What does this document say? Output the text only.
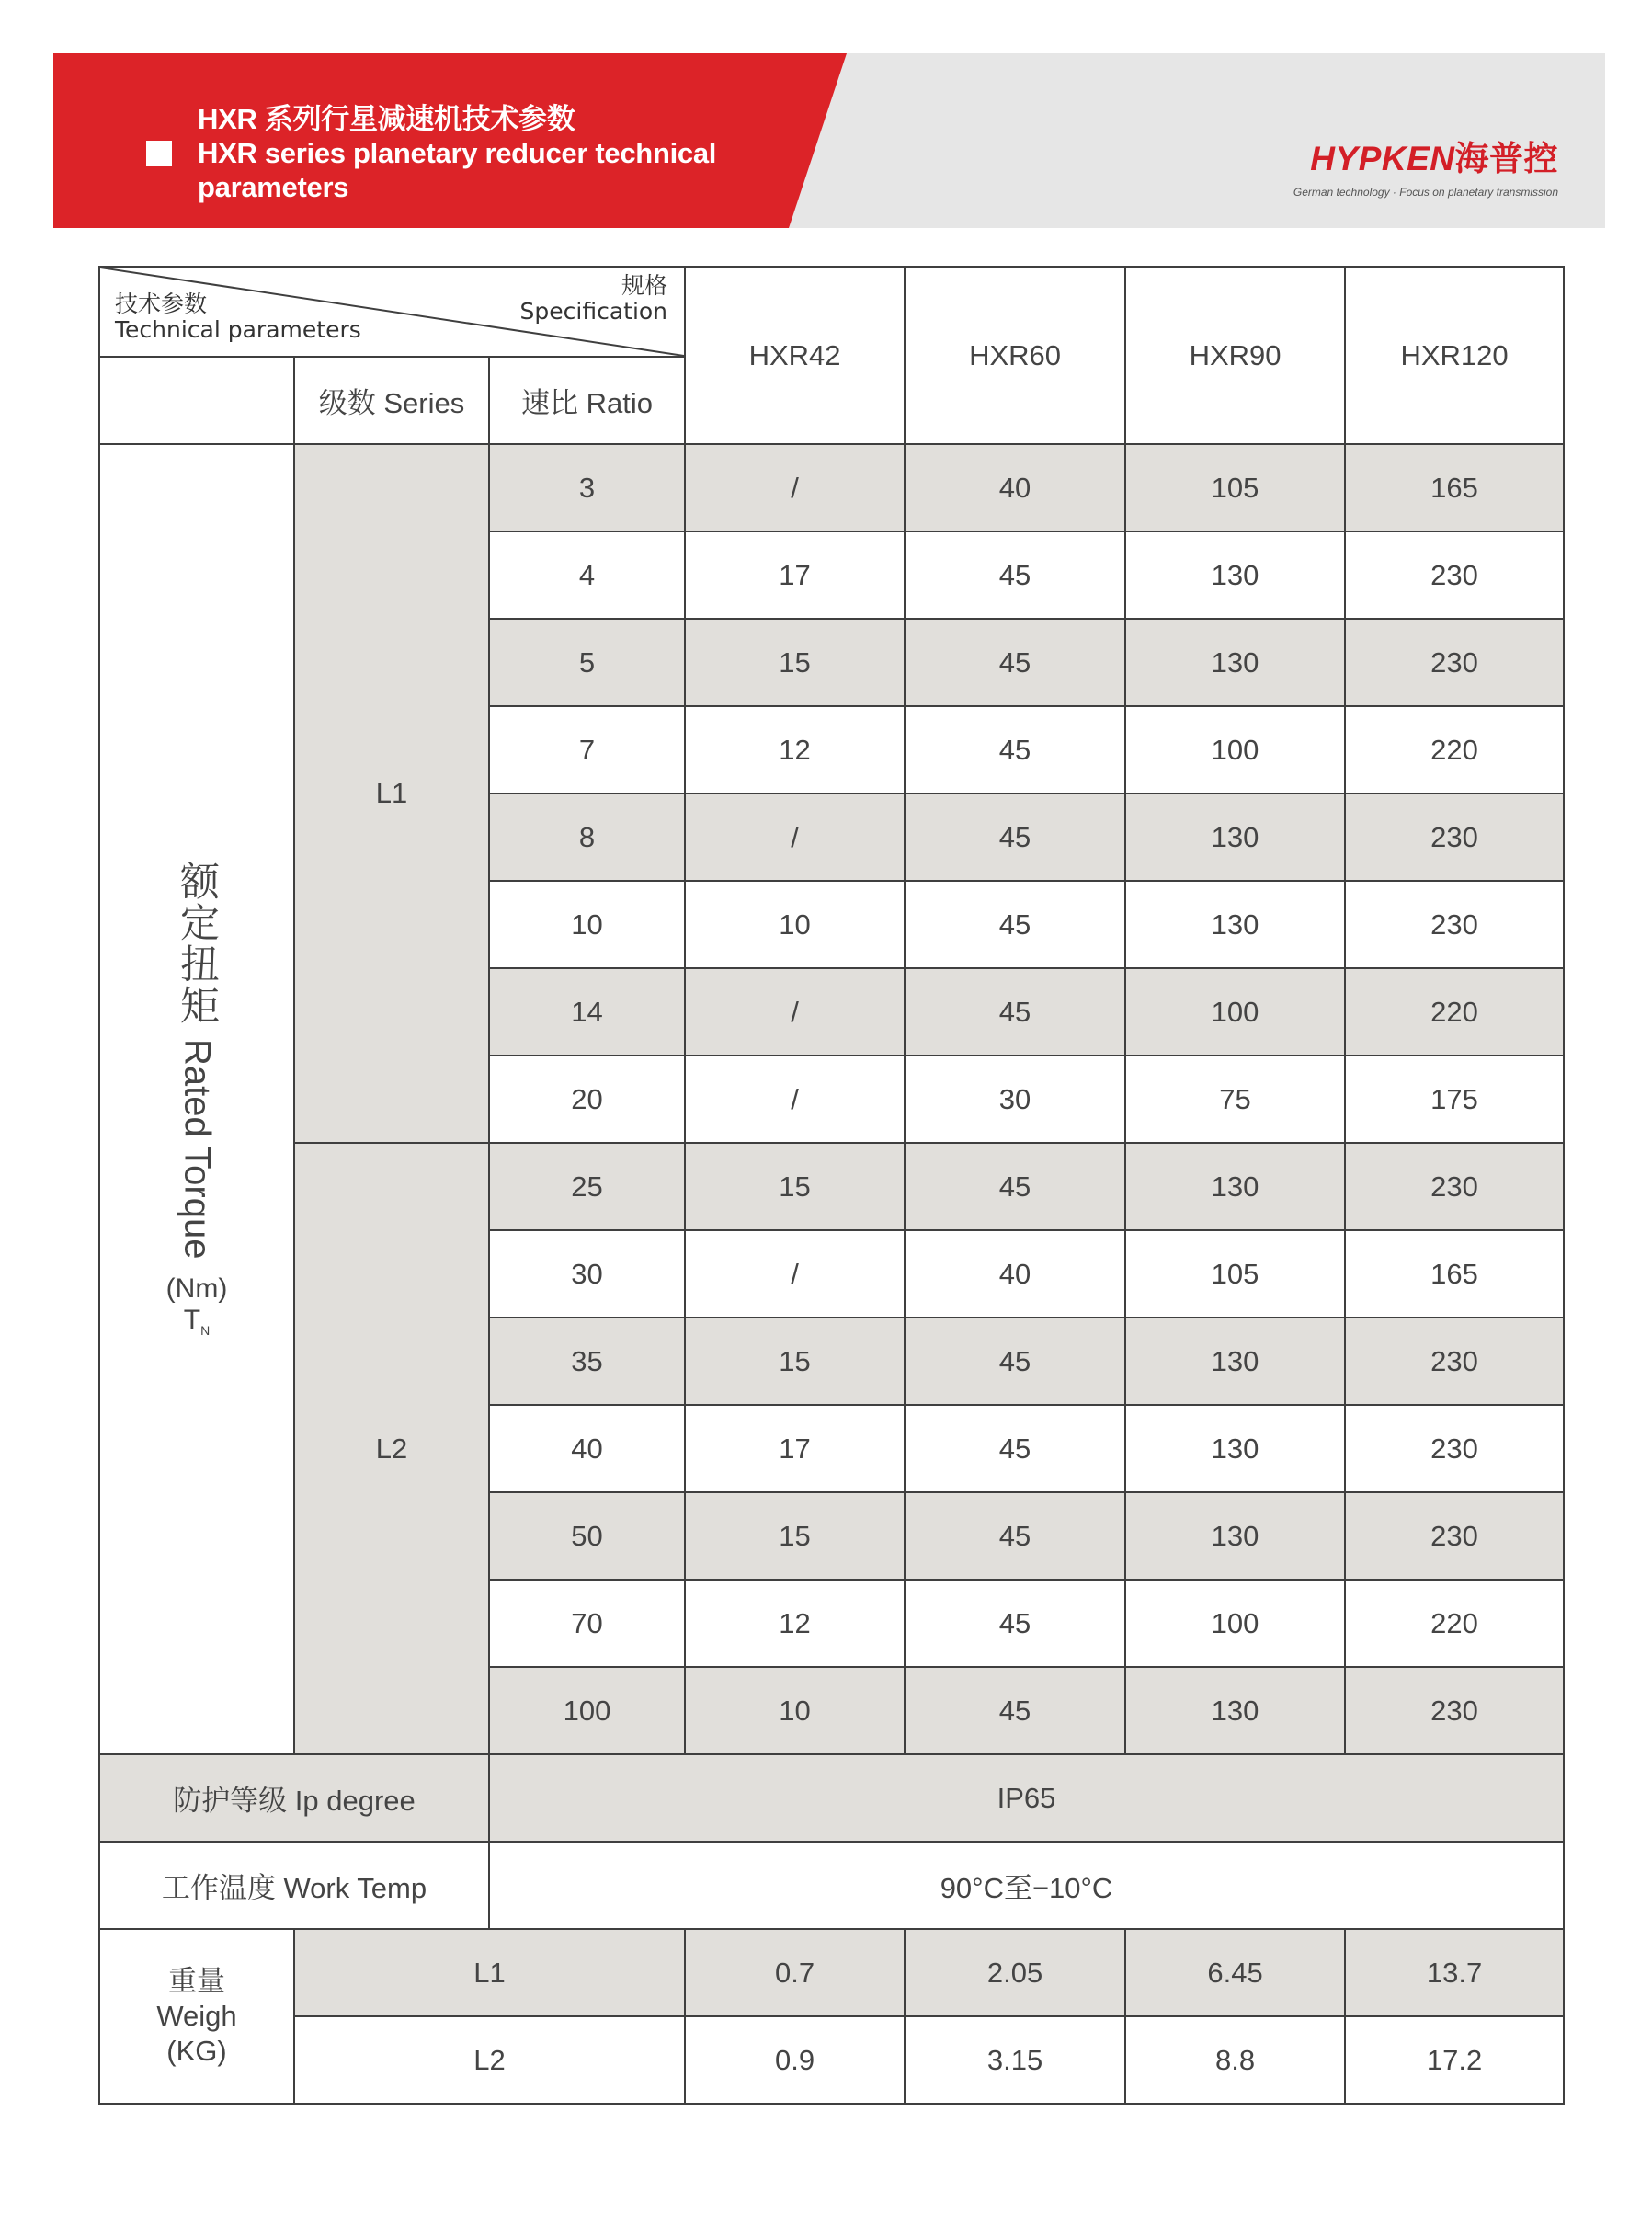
HXR 系列行星减速机技术参数
HXR series planetary reducer technical
parameters
HYPKEN海普控
German technology · Focus on planetary transmission
规格
Specification
技术参数
Technical parameters			HXR42	HXR60	HXR90	HXR120
	级数 Series	速比 Ratio				
额定扭矩
Rated Torque
(Nm)
$T_N$	L1	3	/	40	105	165
		4	17	45	130	230
		5	15	45	130	230
		7	12	45	100	220
		8	/	45	130	230
		10	10	45	130	230
		14	/	45	100	220
		20	/	30	75	175
	L2	25	15	45	130	230
		30	/	40	105	165
		35	15	45	130	230
		40	17	45	130	230
		50	15	45	130	230
		70	12	45	100	220
		100	10	45	130	230
防护等级 Ip degree		IP65				
工作温度 Work Temp		90°C至−10°C				

重量
Weigh
(KG)	L1		0.7	2.05	6.45	13.7
	L2		0.9	3.15	8.8	17.2
